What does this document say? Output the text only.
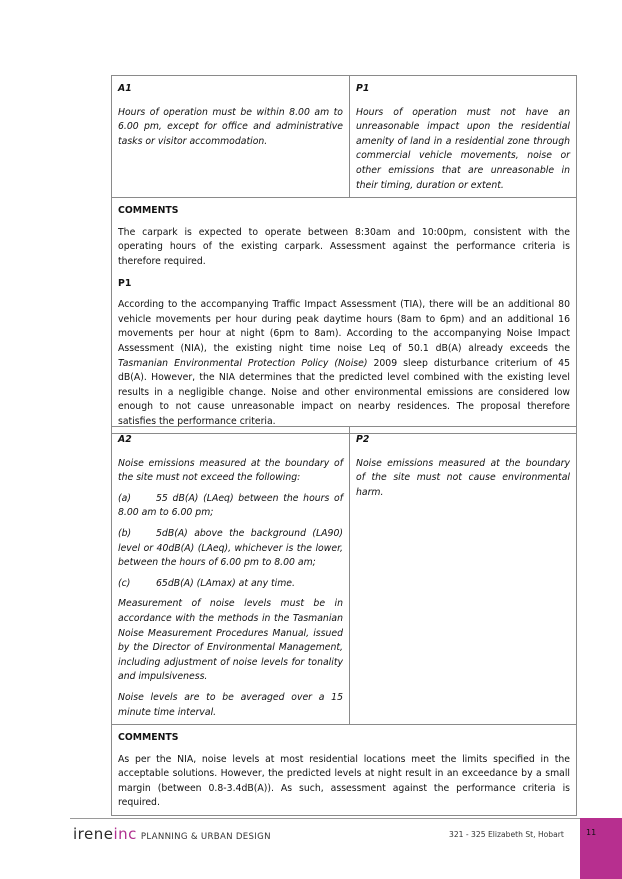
A1

Hours of operation must be within 8.00 am to 6.00 pm, except for office and administrative tasks or visitor accommodation.

P1

Hours of operation must not have an unreasonable impact upon the residential amenity of land in a residential zone through commercial vehicle movements, noise or other emissions that are unreasonable in their timing, duration or extent.

COMMENTS

The carpark is expected to operate between 8:30am and 10:00pm, consistent with the operating hours of the existing carpark. Assessment against the performance criteria is therefore required.

P1

According to the accompanying Traffic Impact Assessment (TIA), there will be an additional 80 vehicle movements per hour during peak daytime hours (8am to 6pm) and an additional 16 movements per hour at night (6pm to 8am). According to the accompanying Noise Impact Assessment (NIA), the existing night time noise Leq of 50.1 dB(A) already exceeds the Tasmanian Environmental Protection Policy (Noise) 2009 sleep disturbance criterium of 45 dB(A). However, the NIA determines that the predicted level combined with the existing level results in a negligible change. Noise and other environmental emissions are considered low enough to not cause unreasonable impact on nearby residences. The proposal therefore satisfies the performance criteria.

A2

Noise emissions measured at the boundary of the site must not exceed the following:

(a)	55 dB(A) (LAeq) between the hours of 8.00 am to 6.00 pm;

(b)	5dB(A) above the background (LA90) level or 40dB(A) (LAeq), whichever is the lower, between the hours of 6.00 pm to 8.00 am;

(c)	65dB(A) (LAmax) at any time.

Measurement of noise levels must be in accordance with the methods in the Tasmanian Noise Measurement Procedures Manual, issued by the Director of Environmental Management, including adjustment of noise levels for tonality and impulsiveness.

Noise levels are to be averaged over a 15 minute time interval.

P2

Noise emissions measured at the boundary of the site must not cause environmental harm.

COMMENTS

As per the NIA, noise levels at most residential locations meet the limits specified in the acceptable solutions. However, the predicted levels at night result in an exceedance by a small margin (between 0.8-3.4dB(A)). As such, assessment against the performance criteria is required.

ireneinc PLANNING & URBAN DESIGN	321 - 325 Elizabeth St, Hobart	11
